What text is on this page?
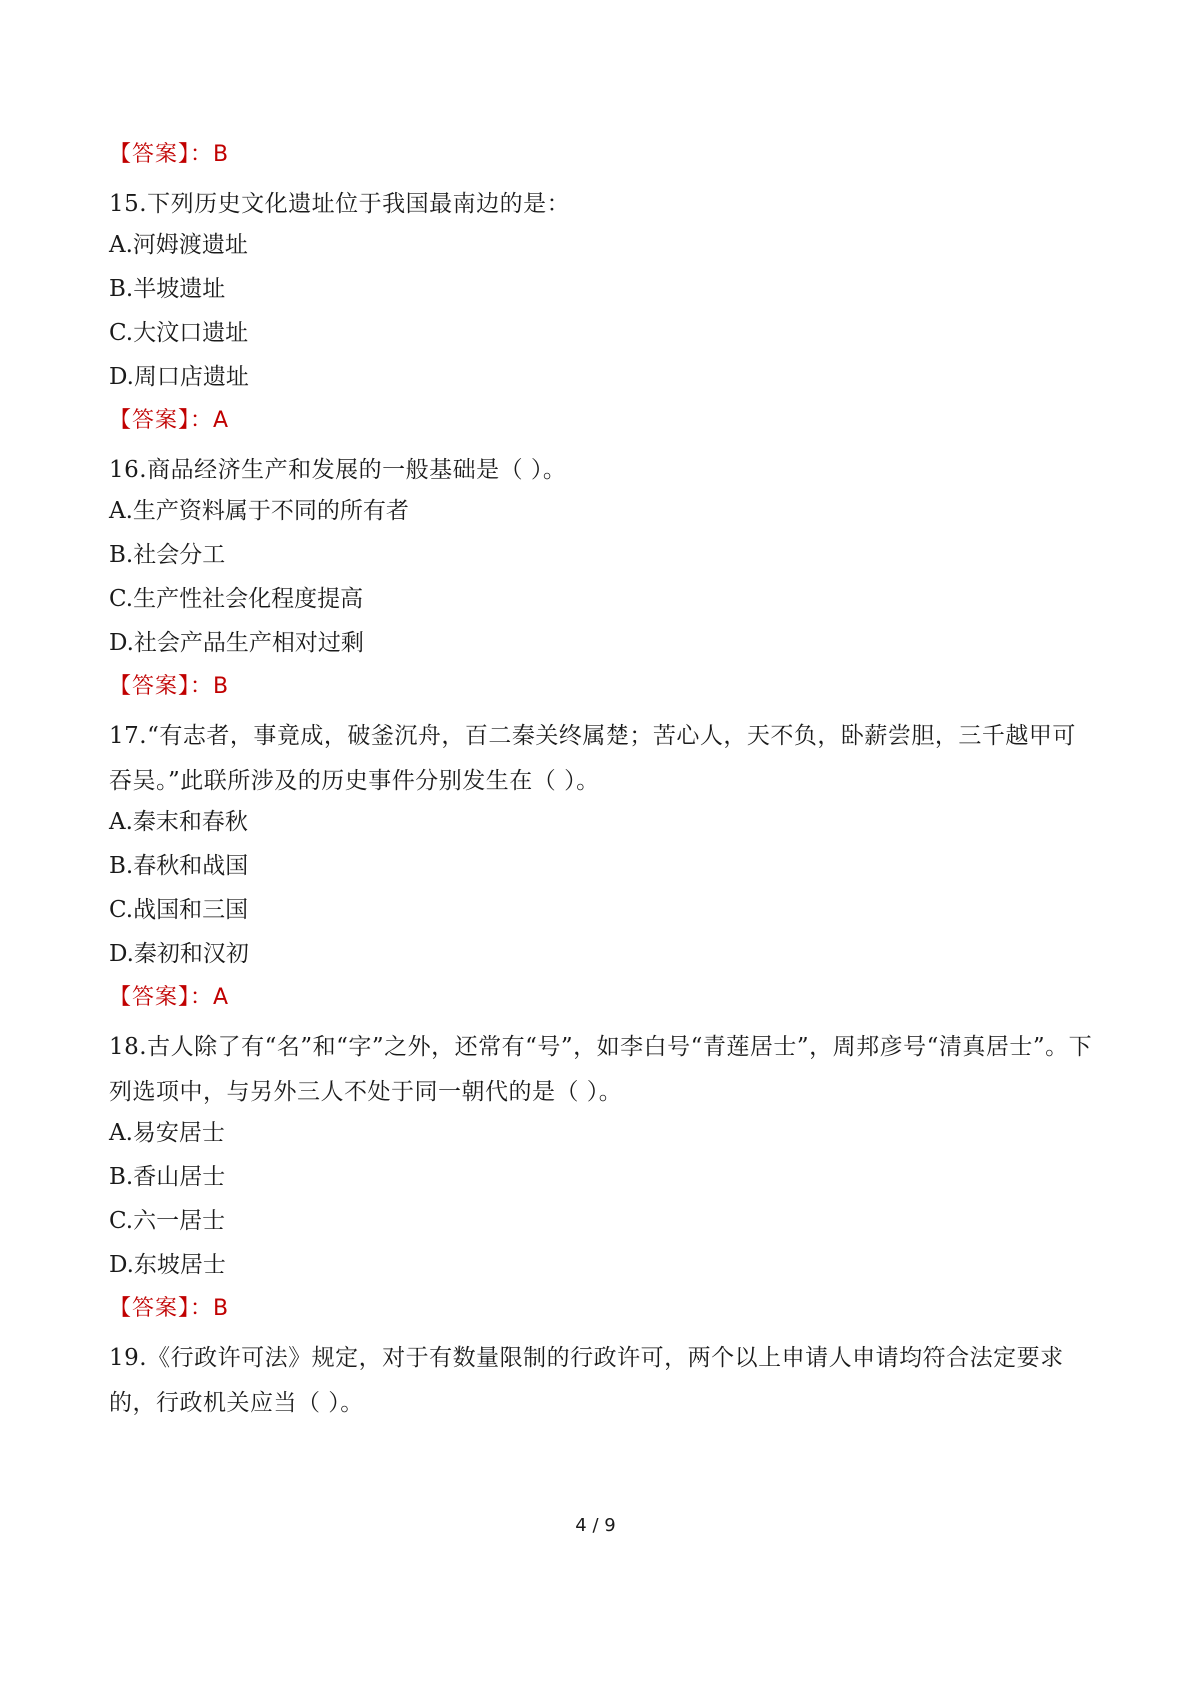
【答案】：B
15.下列历史文化遗址位于我国最南边的是：
A.河姆渡遗址
B.半坡遗址
C.大汶口遗址
D.周口店遗址
【答案】：A
16.商品经济生产和发展的一般基础是（ ）。
A.生产资料属于不同的所有者
B.社会分工
C.生产性社会化程度提高
D.社会产品生产相对过剩
【答案】：B
17.“有志者，事竟成，破釜沉舟，百二秦关终属楚；苦心人，天不负，卧薪尝胆，三千越甲可吞吴。”此联所涉及的历史事件分别发生在（ ）。
A.秦末和春秋
B.春秋和战国
C.战国和三国
D.秦初和汉初
【答案】：A
18.古人除了有“名”和“字”之外，还常有“号”，如李白号“青莲居士”，周邦彦号“清真居士”。下列选项中，与另外三人不处于同一朝代的是（ ）。
A.易安居士
B.香山居士
C.六一居士
D.东坡居士
【答案】：B
19.《行政许可法》规定，对于有数量限制的行政许可，两个以上申请人申请均符合法定要求的，行政机关应当（ ）。
4 / 9
